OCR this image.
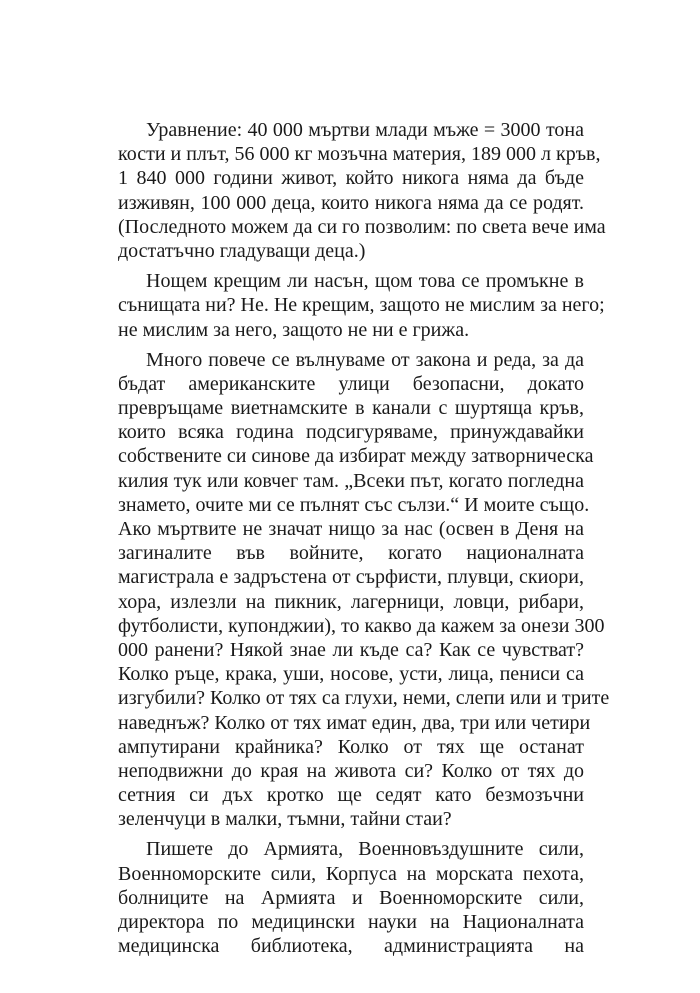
Уравнение: 40 000 мъртви млади мъже = 3000 тона
кости и плът, 56 000 кг мозъчна материя, 189 000 л кръв,
1 840 000 години живот, който никога няма да бъде
изживян, 100 000 деца, които никога няма да се родят.
(Последното можем да си го позволим: по света вече има
достатъчно гладуващи деца.)
Нощем крещим ли насън, щом това се промъкне в
сънищата ни? Не. Не крещим, защото не мислим за него;
не мислим за него, защото не ни е грижа.
Много повече се вълнуваме от закона и реда, за да
бъдат американските улици безопасни, докато
превръщаме виетнамските в канали с шуртяща кръв,
които всяка година подсигуряваме, принуждавайки
собствените си синове да избират между затворническа
килия тук или ковчег там. „Всеки път, когато погледна
знамето, очите ми се пълнят със сълзи.“ И моите също.
Ако мъртвите не значат нищо за нас (освен в Деня на
загиналите във войните, когато националната
магистрала е задръстена от сърфисти, плувци, скиори,
хора, излезли на пикник, лагерници, ловци, рибари,
футболисти, купонджии), то какво да кажем за онези 300
000 ранени? Някой знае ли къде са? Как се чувстват?
Колко ръце, крака, уши, носове, усти, лица, пениси са
изгубили? Колко от тях са глухи, неми, слепи или и трите
наведнъж? Колко от тях имат един, два, три или четири
ампутирани крайника? Колко от тях ще останат
неподвижни до края на живота си? Колко от тях до
сетния си дъх кротко ще седят като безмозъчни
зеленчуци в малки, тъмни, тайни стаи?
Пишете до Армията, Военновъздушните сили,
Военноморските сили, Корпуса на морската пехота,
болниците на Армията и Военноморските сили,
директора по медицински науки на Националната
медицинска библиотека, администрацията на
